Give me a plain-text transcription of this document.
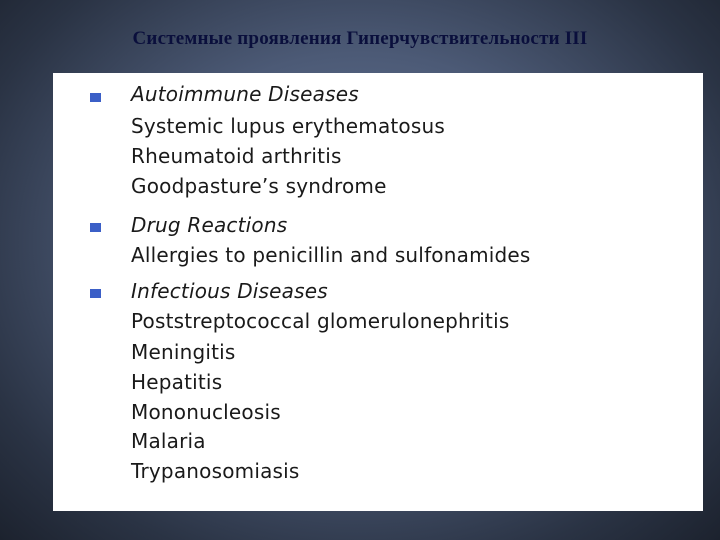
Системные проявления Гиперчувствительности III
Autoimmune Diseases
Systemic lupus erythematosus
Rheumatoid arthritis
Goodpasture’s syndrome
Drug Reactions
Allergies to penicillin and sulfonamides
Infectious Diseases
Poststreptococcal glomerulonephritis
Meningitis
Hepatitis
Mononucleosis
Malaria
Trypanosomiasis
